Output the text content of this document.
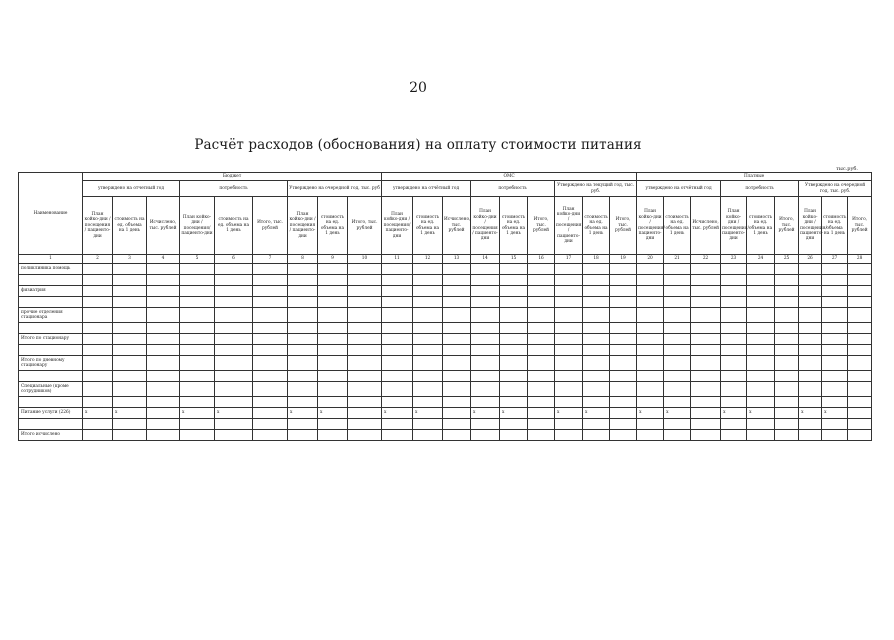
20
Расчёт расходов (обоснования) на оплату стоимости питания
тыс.руб.
Наименование	Бюджет									ОМС									Платные								
	утверждено на отчетный год			потребность			Утверждено на очередной год, тыс. руб			утверждено на отчётный год			потребность			Утверждено на текущий год, тыс. руб.			утверждено на отчётный год			потребность			Утверждено на очередной год, тыс. руб.		
	План койко-дни / посещения / пациенто-дни	стоимость на ед. объема на 1 день	Исчислено, тыс. рублей	План койко-дни / посещения/ пациенто-дни	стоимость на ед. объема на 1 день	Итого, тыс. рублей	План койко-дни / посещения / пациенто-дни	стоимость на ед. объема на 1 день	Итого, тыс. рублей	План койко-дни / посещения/ пациенто-дни	стоимость на ед. объема на 1 день	Исчислено, тыс. рублей	План койко-дни / посещения / пациенто-дни	стоимость на ед. объема на 1 день	Итого, тыс. рублей	План койко-дни / посещения / пациенто-дни	стоимость на ед. объема на 1 день	Итого, тыс. рублей	План койко-дни / посещения/ пациенто-дни	стоимость на ед. объема на 1 день	Исчислено, тыс. рублей	План койко-дни / посещения/ пациенто-дни	стоимость на ед. объема на 1 день	Итого, тыс. рублей	План койко-дни / посещения/ пациенто-дни	стоимость на ед. объема на 1 день	Итого, тыс. рублей
1	2	3	4	5	6	7	8	9	10	11	12	13	14	15	16	17	18	19	20	21	22	23	24	25	26	27	28
поликлиника помощь																											

физиатрия																											

прочие отделения стационара																											

Итого по стационару																											

Итого по дневному стационару																											

Специальные (кроме сотрудников)																											

Питание услуги (226)	х	х		х	х		х	х		х	х		х	х		х	х		х	х		х	х		х	х	

Итого исчислено																											
